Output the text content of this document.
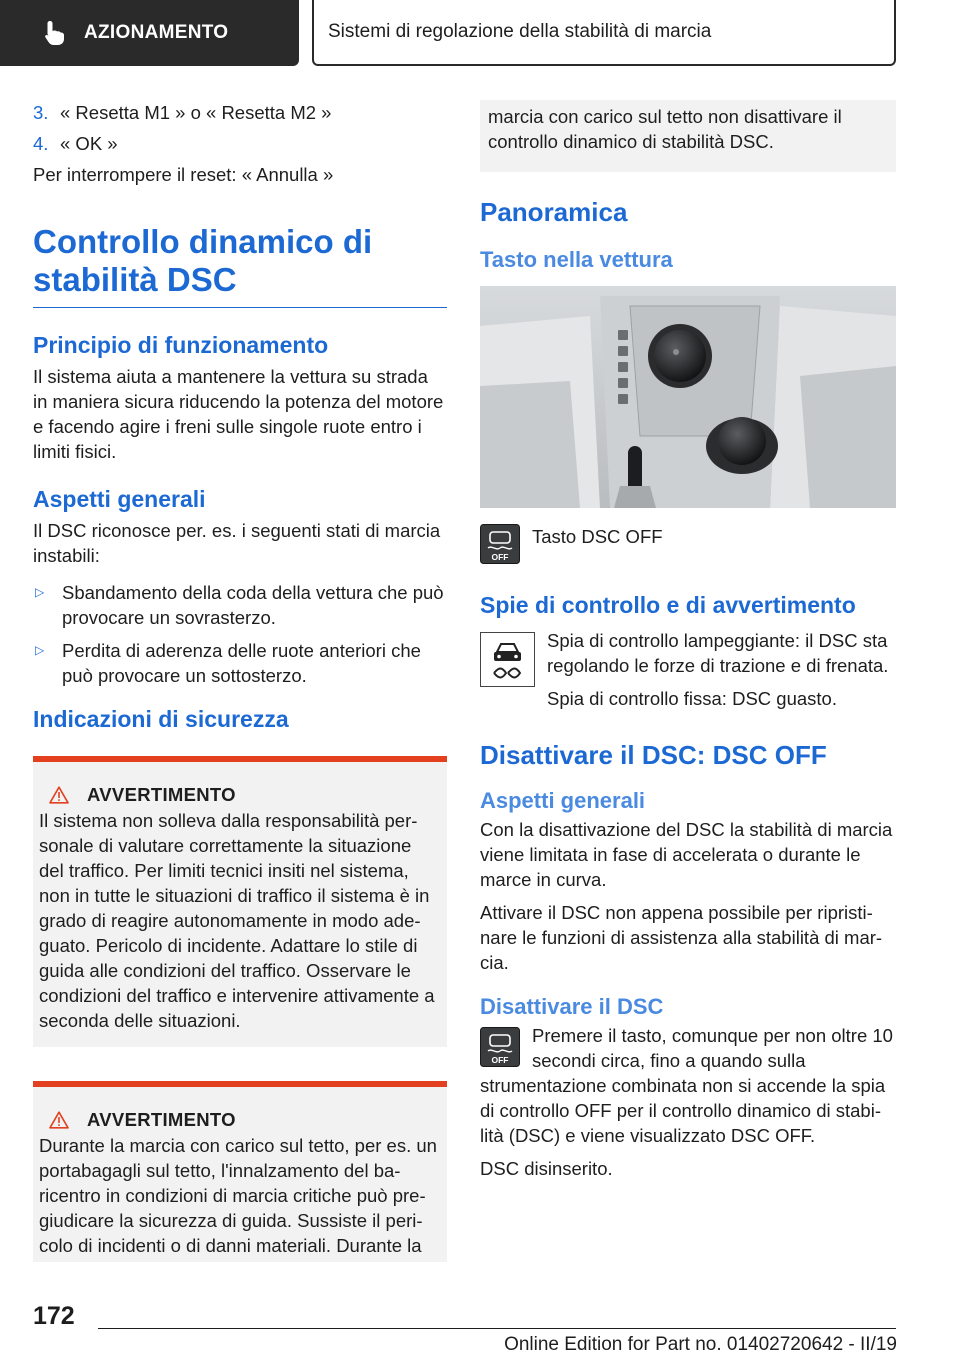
AZIONAMENTO	Sistemi di regolazione della stabilità di marcia
3. « Resetta M1 » o « Resetta M2 »
4. « OK »

Per interrompere il reset: « Annulla »

Controllo dinamico di stabilità DSC
Principio di funzionamento

Il sistema aiuta a mantenere la vettura su strada in maniera sicura riducendo la potenza del motore e facendo agire i freni sulle singole ruote entro i limiti fisici.

Aspetti generali

Il DSC riconosce per. es. i seguenti stati di marcia instabili:

▷ Sbandamento della coda della vettura che può provocare un sovrasterzo.
▷ Perdita di aderenza delle ruote anteriori che può provocare un sottosterzo.
Indicazioni di sicurezza
AVVERTIMENTO

Il sistema non solleva dalla responsabilità personale di valutare correttamente la situazione del traffico. Per limiti tecnici insiti nel sistema, non in tutte le situazioni di traffico il sistema è in grado di reagire autonomamente in modo adeguato. Pericolo di incidente. Adattare lo stile di guida alle condizioni del traffico. Osservare le condizioni del traffico e intervenire attivamente a seconda delle situazioni.

AVVERTIMENTO

Durante la marcia con carico sul tetto, per es. un portabagagli sul tetto, l'innalzamento del baricentro in condizioni di marcia critiche può pregiudicare la sicurezza di guida. Sussiste il pericolo di incidenti o di danni materiali. Durante la

marcia con carico sul tetto non disattivare il controllo dinamico di stabilità DSC.
Panoramica
Tasto nella vettura
OFF

Tasto DSC OFF

Spie di controllo e di avvertimento

Spia di controllo lampeggiante: il DSC sta regolando le forze di trazione e di frenata.

Spia di controllo fissa: DSC guasto.

Disattivare il DSC: DSC OFF
Aspetti generali

Con la disattivazione del DSC la stabilità di marcia viene limitata in fase di accelerata o durante le marce in curva.

Attivare il DSC non appena possibile per ripristinare le funzioni di assistenza alla stabilità di marcia.

Disattivare il DSC
OFF

Premere il tasto, comunque per non oltre 10 secondi circa, fino a quando sulla strumentazione combinata non si accende la spia di controllo OFF per il controllo dinamico di stabilità (DSC) e viene visualizzato DSC OFF.

DSC disinserito.

172
Online Edition for Part no. 01402720642 - II/19
